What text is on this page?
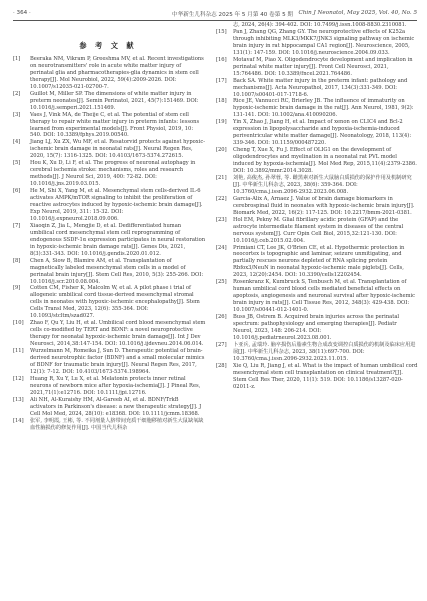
· 364 ·	中华新生儿科杂志 2025 年 5 月第 40 卷第 5 期 Chin J Neonatol, May 2025, Vol. 40, No. 5
参 考 文 献
[1] Beeraka NM, Vikram P, Greeshma MV, et al. Recent investigations on neurotransmitters' role in acute white matter injury of perinatal glia and pharmacotherapies-glia dynamics in stem cell therapy[J]. Mol Neurobiol, 2022, 59(4):2009-2026. DOI: 10.1007/s12035-021-02700-7.
[2] Guillot M, Miller SP. The dimensions of white matter injury in preterm neonates[J]. Semin Perinatol, 2021, 45(7):151469. DOI: 10.1016/j.semperi.2021.151469.
[3] Vaes J, Vink MA, de Theije C, et al. The potential of stem cell therapy to repair white matter injury in preterm infants: lessons learned from experimental models[J]. Front Physiol, 2019, 10: 540. DOI: 10.3389/fphys.2019.00540.
[4] Jiang LJ, Xu ZX, Wu MF, et al. Resatorvid protects against hypoxic-ischemic brain damage in neonatal rats[J]. Neural Regen Res, 2020, 15(7): 1316-1325. DOI: 10.4103/1673-5374.272615.
[5] Hou K, Xu D, Li F, et al. The progress of neuronal autophagy in cerebral ischemia stroke: mechanisms, roles and research methods[J]. J Neurol Sci, 2019, 400: 72-82. DOI: 10.1016/j.jns.2019.03.015.
[6] He M, Shi X, Yang M, et al. Mesenchymal stem cells-derived IL-6 activates AMPK/mTOR signaling to inhibit the proliferation of reactive astrocytes induced by hypoxic-ischemic brain damage[J]. Exp Neurol, 2019, 311: 15-32. DOI: 10.1016/j.expneurol.2018.09.006.
[7] Xiaoqin Z, Jia L, Mengjie D, et al. Dedifferentiated human umbilical cord mesenchymal stem cell reprogramming of endogenous SSDF-1α expression participates in neural restoration in hypoxic-ischemic brain damage rats[J]. Genes Dis, 2021, 8(3):331-343. DOI: 10.1016/j.gendis.2020.01.012.
[8] Chen A, Siow B, Blamire AM, et al. Transplantation of magnetically labeled mesenchymal stem cells in a model of perinatal brain injury[J]. Stem Cell Res, 2010, 5(3): 255-266. DOI: 10.1016/j.scr.2010.08.004.
[9] Cotten CM, Fisher K, Malcolm W, et al. A pilot phase i trial of allogeneic umbilical cord tissue-derived mesenchymal stromal cells in neonates with hypoxic-ischemic encephalopathy[J]. Stem Cells Transl Med, 2023, 12(6): 355-364. DOI: 10.1093/stcltm/szad027.
[10] Zhao F, Qu Y, Liu H, et al. Umbilical cord blood mesenchymal stem cells co-modified by TERT and BDNF: a novel neuroprotective therapy for neonatal hypoxic-ischemic brain damage[J]. Int J Dev Neurosci, 2014,38:147-154. DOI: 10.1016/j.ijdevneu.2014.06.014.
[11] Wurzelmann M, Romeika J, Sun D. Therapeutic potential of brain-derived neurotrophic factor (BDNF) and a small molecular mimics of BDNF for traumatic brain injury[J]. Neural Regen Res, 2017, 12(1): 7-12. DOI: 10.4103/1673-5374.198964.
[12] Huang R, Xu Y, Lu X, et al. Melatonin protects inner retinal neurons of newborn mice after hypoxia-ischemia[J]. J Pineal Res, 2021,71(1):e12716. DOI: 10.1111/jpi.12716.
[13] Ali NH, Al-Kuraishy HM, Al-Gareeb AI, et al. BDNF/TrkB activators in Parkinson's disease: a new therapeutic strategy[J]. J Cell Mol Med, 2024, 28(10): e18368. DOI: 10.1111/jcmm.18368.
[14] 张军, 李明霞, 王彬, 等. 不同剂量人脐带间充质干细胞移植对新生大鼠缺氧缺血性脑损伤的修复作用[J]. 中国当代儿科杂
志, 2024, 26(4): 394-402. DOI: 10.7499/j.issn.1008-8830.2310081.
[15] Pan J, Zhang QG, Zhang GY. The neuroprotective effects of K252a through inhibiting MLK3/MKK7/JNK3 signaling pathway on ischemic brain injury in rat hippocampal CA1 region[J]. Neuroscience, 2005, 131(1): 147-159. DOI: 10.1016/j.neuroscience.2004.09.033.
[16] Motavaf M, Piao X. Oligodendrocyte development and implication in perinatal white matter injury[J]. Front Cell Neurosci, 2021, 15:764486. DOI: 10.3389/fncel.2021.764486.
[17] Back SA. White matter injury in the preterm infant: pathology and mechanisms[J]. Acta Neuropathol, 2017, 134(3):331-349. DOI: 10.1007/s00401-017-1718-6.
[18] Rice JE, Vannucci RC, Brierley JB. The influence of immaturity on hypoxic-ischemic brain damage in the rat[J]. Ann Neurol, 1981, 9(2): 131-141. DOI: 10.1002/ana.410090206.
[19] Yin X, Zhao J, Jiang H, et al. Impact of xenon on CLIC4 and Bcl-2 expression in lipopolysaccharide and hypoxia-ischemia-induced periventricular white matter damage[J]. Neonatology, 2018, 113(4): 339-346. DOI: 10.1159/000487220.
[20] Cheng T, Xue X, Fu J. Effect of OLIG1 on the development of oligodendrocytes and myelination in a neonatal rat PVL model induced by hypoxia-ischemia[J]. Mol Med Rep, 2015,11(4):2379-2386. DOI: 10.3892/mmr.2014.3028.
[21] 刘艳, 高俊杰, 孙翠蓉, 等. 雌黑素对新生大鼠脑白质损伤的保护作用及机制研究[J]. 中华新生儿科杂志, 2023, 38(6): 359-364. DOI: 10.3760/cma.j.issn.2096-2932.2023.06.008.
[22] Garcia-Alix A, Arnaez J. Value of brain damage biomarkers in cerebrospinal fluid in neonates with hypoxic-ischemic brain injury[J]. Biomark Med, 2022, 16(2): 117-125. DOI: 10.2217/bmm-2021-0381.
[23] Hol EM, Pekny M. Glial fibrillary acidic protein (GFAP) and the astrocyte intermediate filament system in diseases of the central nervous system[J]. Curr Opin Cell Biol, 2015,32:121-130. DOI: 10.1016/j.ceb.2015.02.004.
[24] Primiani CT, Lee JK, O'Brien CE, et al. Hypothermic protection in neocortex is topographic and laminar, seizure unmitigating, and partially rescues neurons depleted of RNA splicing protein Rbfox3/NeuN in neonatal hypoxic-ischemic male piglets[J]. Cells, 2023, 12(20):2454. DOI: 10.3390/cells12202454.
[25] Rosenkranz K, Kumbruck S, Tenbusch M, et al. Transplantation of human umbilical cord blood cells mediated beneficial effects on apoptosis, angiogenesis and neuronal survival after hypoxic-ischemic brain injury in rats[J]. Cell Tissue Res, 2012, 348(3): 429-438. DOI: 10.1007/s00441-012-1401-0.
[26] Buss JB, Ostrem B. Acquired brain injuries across the perinatal spectrum: pathophysiology and emerging therapies[J]. Pediatr Neurol, 2023, 148: 206-214. DOI: 10.1016/j.pediatrneurol.2023.08.001.
[27] 卜亚兵, 孟瑞玲. 脑卒损伤后脂素生物合成改变调控白质损伤的机制及临床应用进展[J]. 中华新生儿科杂志, 2023, 38(11):697-700. DOI: 10.3760/cma.j.issn.2096-2932.2023.11.015.
[28] Xie Q, Liu R, Jiang J, et al. What is the impact of human umbilical cord mesenchymal stem cell transplantation on clinical treatment?[J]. Stem Cell Res Ther, 2020, 11(1): 519. DOI: 10.1186/s13287-020-02011-z.
